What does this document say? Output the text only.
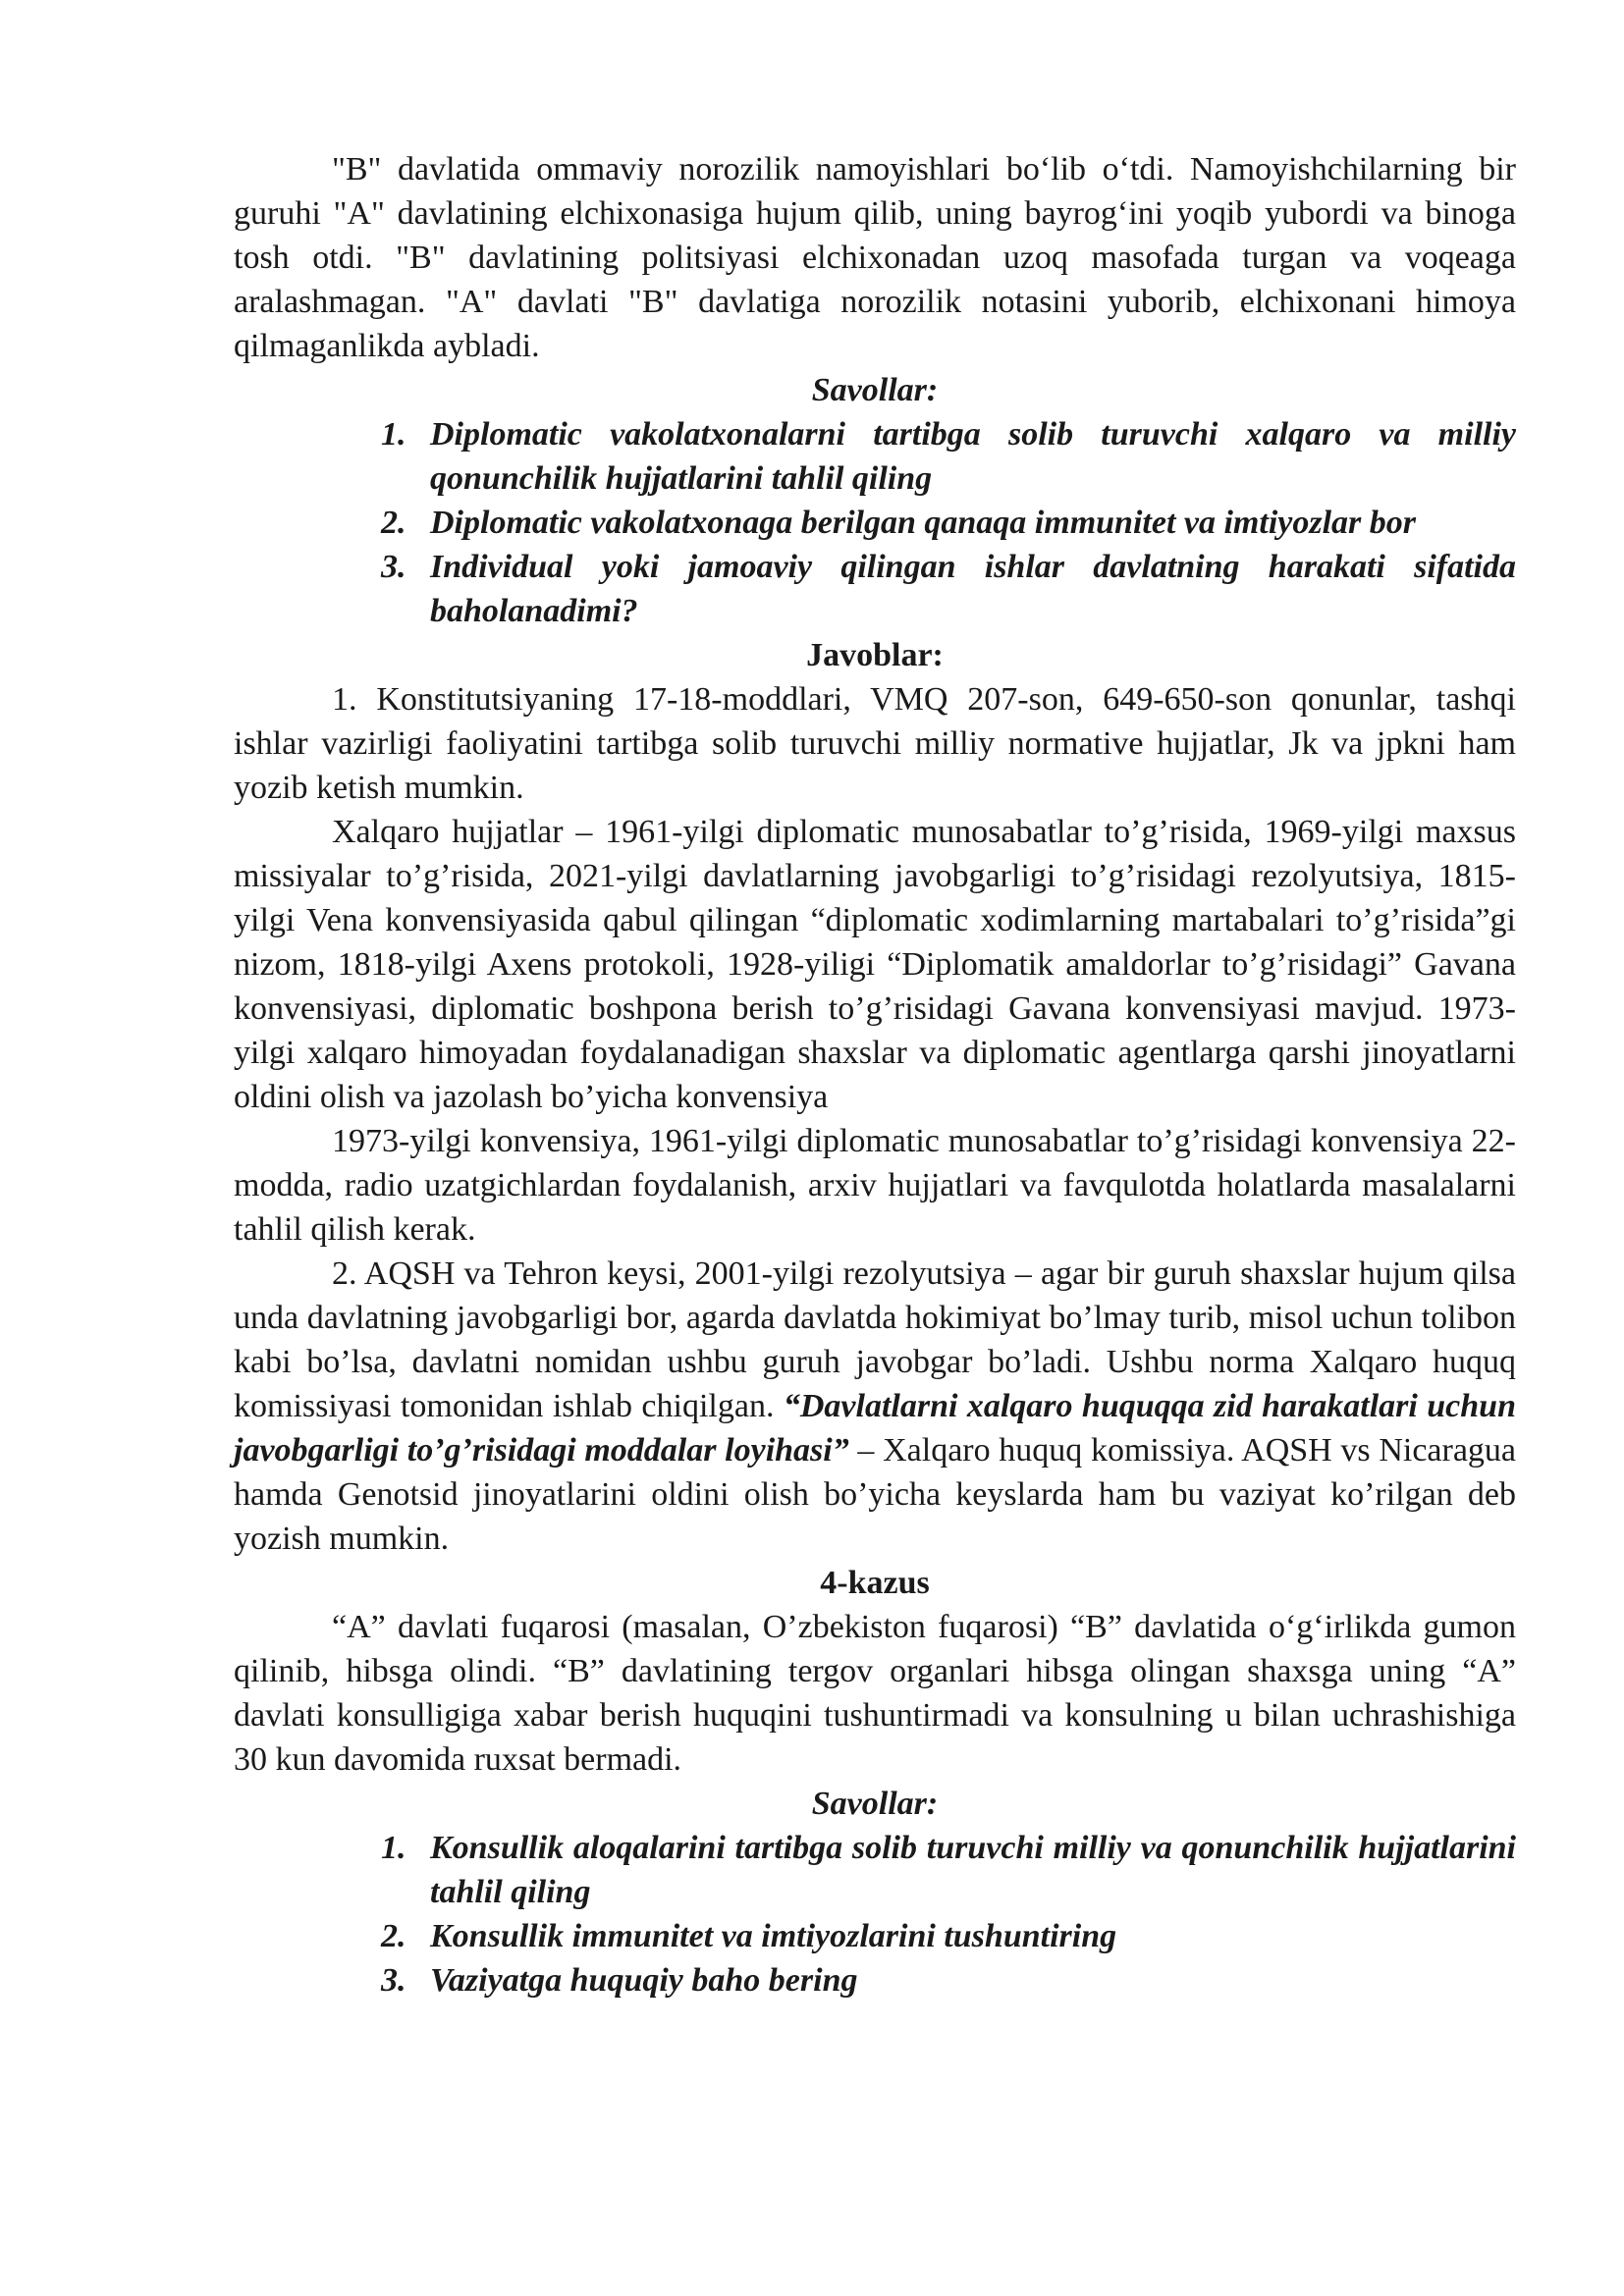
"B" davlatida ommaviy norozilik namoyishlari bo‘lib o‘tdi. Namoyishchilarning bir guruhi "A" davlatining elchixonasiga hujum qilib, uning bayrog‘ini yoqib yubordi va binoga tosh otdi. "B" davlatining politsiyasi elchixonadan uzoq masofada turgan va voqeaga aralashmagan. "A" davlati "B" davlatiga norozilik notasini yuborib, elchixonani himoya qilmaganlikda aybladi.

Savollar:

1. Diplomatic vakolatxonalarni tartibga solib turuvchi xalqaro va milliy qonunchilik hujjatlarini tahlil qiling
2. Diplomatic vakolatxonaga berilgan qanaqa immunitet va imtiyozlar bor
3. Individual yoki jamoaviy qilingan ishlar davlatning harakati sifatida baholanadimi?

Javoblar:

1. Konstitutsiyaning 17-18-moddlari, VMQ 207-son, 649-650-son qonunlar, tashqi ishlar vazirligi faoliyatini tartibga solib turuvchi milliy normative hujjatlar, Jk va jpkni ham yozib ketish mumkin.

Xalqaro hujjatlar – 1961-yilgi diplomatic munosabatlar to’g’risida, 1969-yilgi maxsus missiyalar to’g’risida, 2021-yilgi davlatlarning javobgarligi to’g’risidagi rezolyutsiya, 1815-yilgi Vena konvensiyasida qabul qilingan “diplomatic xodimlarning martabalari to’g’risida”gi nizom, 1818-yilgi Axens protokoli, 1928-yiligi “Diplomatik amaldorlar to’g’risidagi” Gavana konvensiyasi, diplomatic boshpona berish to’g’risidagi Gavana konvensiyasi mavjud. 1973-yilgi xalqaro himoyadan foydalanadigan shaxslar va diplomatic agentlarga qarshi jinoyatlarni oldini olish va jazolash bo’yicha konvensiya

1973-yilgi konvensiya, 1961-yilgi diplomatic munosabatlar to’g’risidagi konvensiya 22-modda, radio uzatgichlardan foydalanish, arxiv hujjatlari va favqulotda holatlarda masalalarni tahlil qilish kerak.

2. AQSH va Tehron keysi, 2001-yilgi rezolyutsiya – agar bir guruh shaxslar hujum qilsa unda davlatning javobgarligi bor, agarda davlatda hokimiyat bo’lmay turib, misol uchun tolibon kabi bo’lsa, davlatni nomidan ushbu guruh javobgar bo’ladi. Ushbu norma Xalqaro huquq komissiyasi tomonidan ishlab chiqilgan. “Davlatlarni xalqaro huquqqa zid harakatlari uchun javobgarligi to’g’risidagi moddalar loyihasi” – Xalqaro huquq komissiya. AQSH vs Nicaragua hamda Genotsid jinoyatlarini oldini olish bo’yicha keyslarda ham bu vaziyat ko’rilgan deb yozish mumkin.

4-kazus

“A” davlati fuqarosi (masalan, O’zbekiston fuqarosi) “B” davlatida o‘g‘irlikda gumon qilinib, hibsga olindi. “B” davlatining tergov organlari hibsga olingan shaxsga uning “A” davlati konsulligiga xabar berish huquqini tushuntirmadi va konsulning u bilan uchrashishiga 30 kun davomida ruxsat bermadi.

Savollar:

1. Konsullik aloqalarini tartibga solib turuvchi milliy va qonunchilik hujjatlarini tahlil qiling
2. Konsullik immunitet va imtiyozlarini tushuntiring
3. Vaziyatga huquqiy baho bering
